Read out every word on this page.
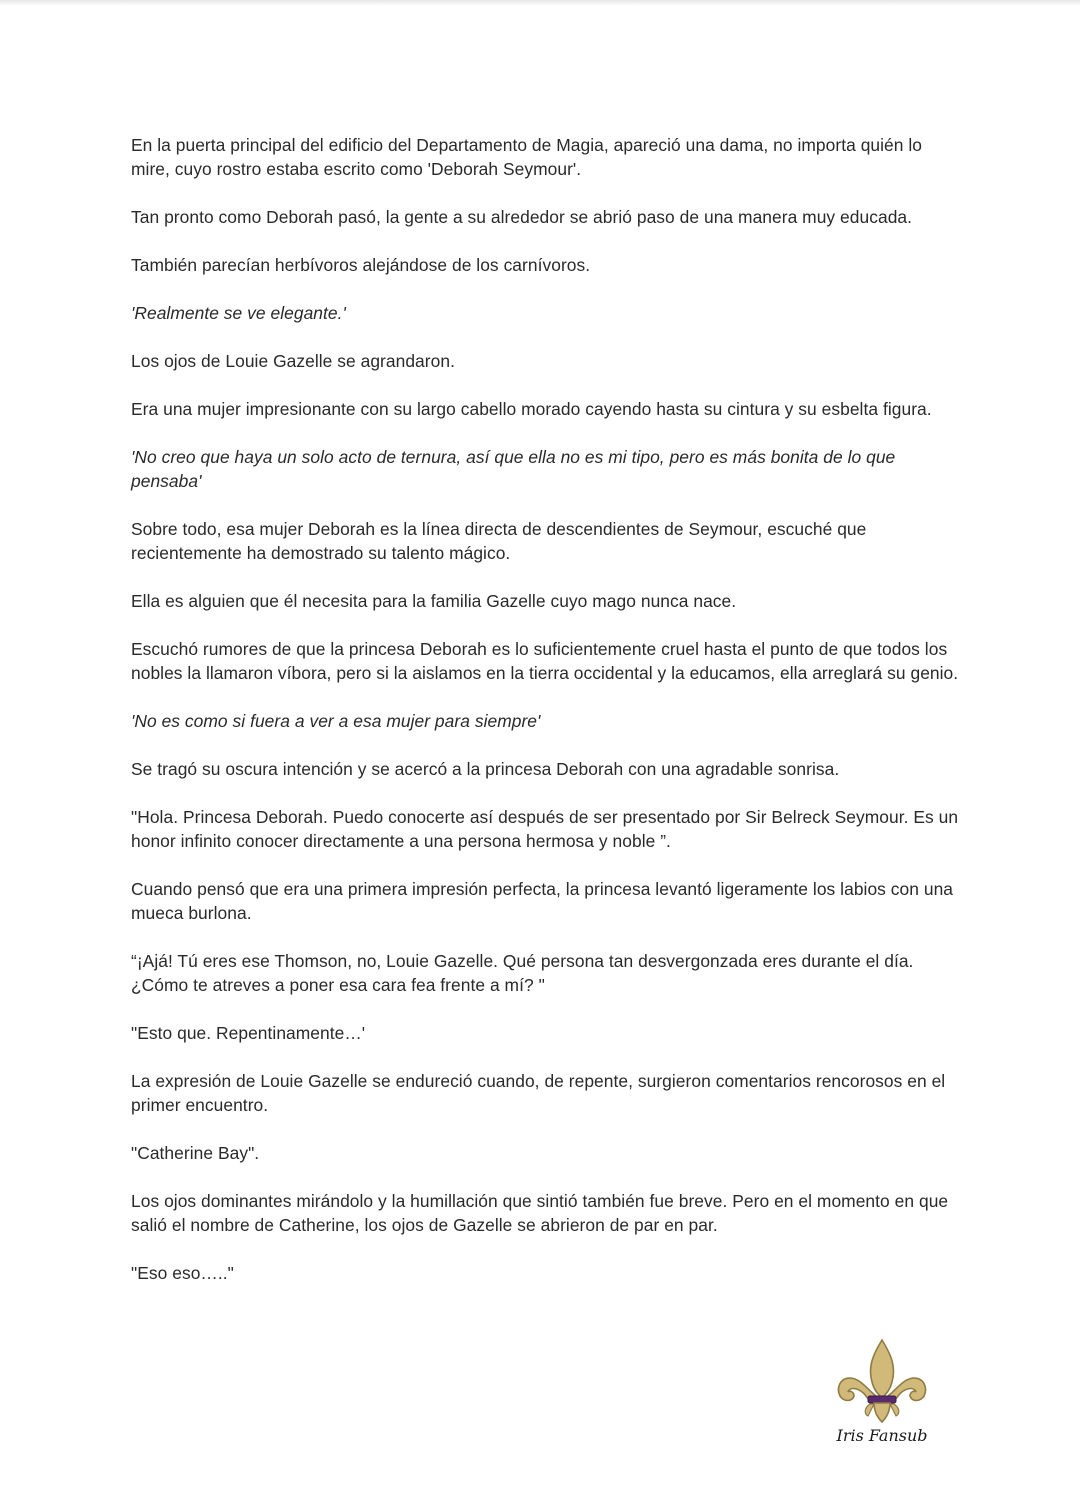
En la puerta principal del edificio del Departamento de Magia, apareció una dama, no importa quién lo mire, cuyo rostro estaba escrito como 'Deborah Seymour'.

Tan pronto como Deborah pasó, la gente a su alrededor se abrió paso de una manera muy educada.

También parecían herbívoros alejándose de los carnívoros.

'Realmente se ve elegante.'

Los ojos de Louie Gazelle se agrandaron.

Era una mujer impresionante con su largo cabello morado cayendo hasta su cintura y su esbelta figura.

'No creo que haya un solo acto de ternura, así que ella no es mi tipo, pero es más bonita de lo que pensaba'

Sobre todo, esa mujer Deborah es la línea directa de descendientes de Seymour, escuché que recientemente ha demostrado su talento mágico.

Ella es alguien que él necesita para la familia Gazelle cuyo mago nunca nace.

Escuchó rumores de que la princesa Deborah es lo suficientemente cruel hasta el punto de que todos los nobles la llamaron víbora, pero si la aislamos en la tierra occidental y la educamos, ella arreglará su genio.

'No es como si fuera a ver a esa mujer para siempre'

Se tragó su oscura intención y se acercó a la princesa Deborah con una agradable sonrisa.

"Hola. Princesa Deborah. Puedo conocerte así después de ser presentado por Sir Belreck Seymour. Es un honor infinito conocer directamente a una persona hermosa y noble ”.

Cuando pensó que era una primera impresión perfecta, la princesa levantó ligeramente los labios con una mueca burlona.

“¡Ajá! Tú eres ese Thomson, no, Louie Gazelle. Qué persona tan desvergonzada eres durante el día. ¿Cómo te atreves a poner esa cara fea frente a mí? "

"Esto que. Repentinamente…'

La expresión de Louie Gazelle se endureció cuando, de repente, surgieron comentarios rencorosos en el primer encuentro.

"Catherine Bay".

Los ojos dominantes mirándolo y la humillación que sintió también fue breve. Pero en el momento en que salió el nombre de Catherine, los ojos de Gazelle se abrieron de par en par.

"Eso eso….."

Iris Fansub
